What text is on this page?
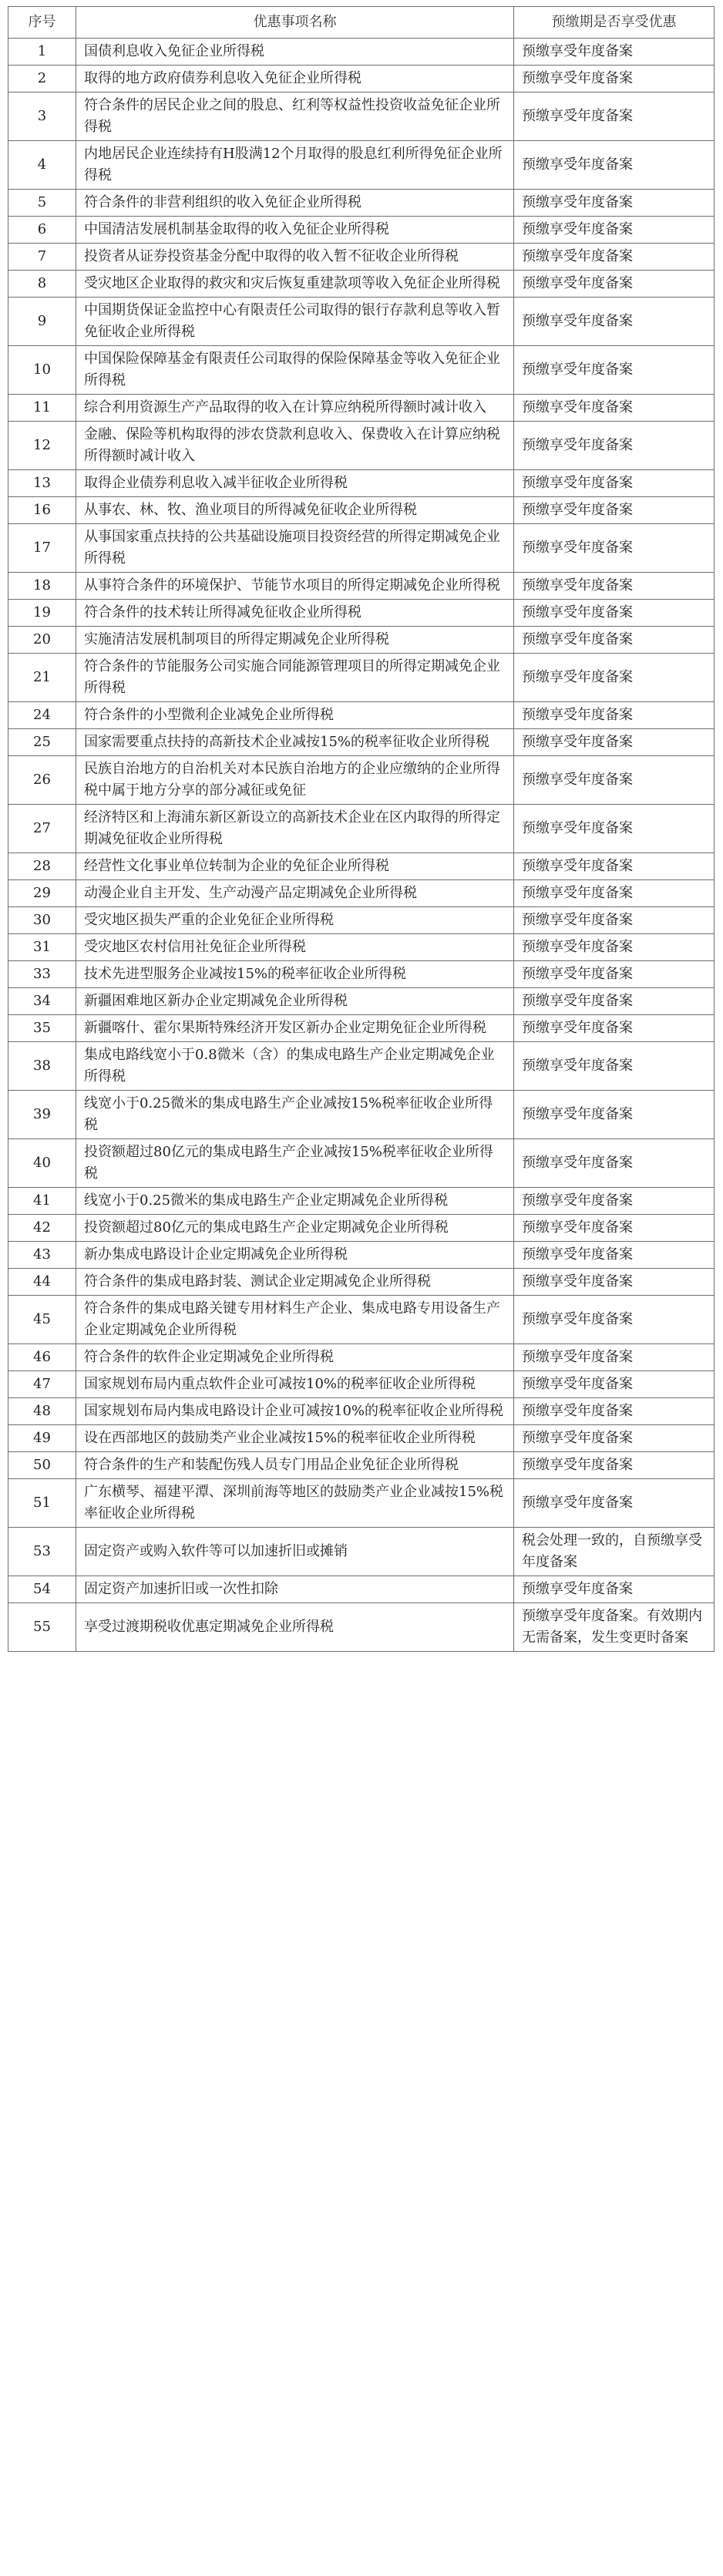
序号	优惠事项名称	预缴期是否享受优惠
1	国债利息收入免征企业所得税	预缴享受年度备案
2	取得的地方政府债券利息收入免征企业所得税	预缴享受年度备案
3	符合条件的居民企业之间的股息、红利等权益性投资收益免征企业所得税	预缴享受年度备案
4	内地居民企业连续持有H股满12个月取得的股息红利所得免征企业所得税	预缴享受年度备案
5	符合条件的非营利组织的收入免征企业所得税	预缴享受年度备案
6	中国清洁发展机制基金取得的收入免征企业所得税	预缴享受年度备案
7	投资者从证券投资基金分配中取得的收入暂不征收企业所得税	预缴享受年度备案
8	受灾地区企业取得的救灾和灾后恢复重建款项等收入免征企业所得税	预缴享受年度备案
9	中国期货保证金监控中心有限责任公司取得的银行存款利息等收入暂免征收企业所得税	预缴享受年度备案
10	中国保险保障基金有限责任公司取得的保险保障基金等收入免征企业所得税	预缴享受年度备案
11	综合利用资源生产产品取得的收入在计算应纳税所得额时减计收入	预缴享受年度备案
12	金融、保险等机构取得的涉农贷款利息收入、保费收入在计算应纳税所得额时减计收入	预缴享受年度备案
13	取得企业债券利息收入减半征收企业所得税	预缴享受年度备案
16	从事农、林、牧、渔业项目的所得减免征收企业所得税	预缴享受年度备案
17	从事国家重点扶持的公共基础设施项目投资经营的所得定期减免企业所得税	预缴享受年度备案
18	从事符合条件的环境保护、节能节水项目的所得定期减免企业所得税	预缴享受年度备案
19	符合条件的技术转让所得减免征收企业所得税	预缴享受年度备案
20	实施清洁发展机制项目的所得定期减免企业所得税	预缴享受年度备案
21	符合条件的节能服务公司实施合同能源管理项目的所得定期减免企业所得税	预缴享受年度备案
24	符合条件的小型微利企业减免企业所得税	预缴享受年度备案
25	国家需要重点扶持的高新技术企业减按15%的税率征收企业所得税	预缴享受年度备案
26	民族自治地方的自治机关对本民族自治地方的企业应缴纳的企业所得税中属于地方分享的部分减征或免征	预缴享受年度备案
27	经济特区和上海浦东新区新设立的高新技术企业在区内取得的所得定期减免征收企业所得税	预缴享受年度备案
28	经营性文化事业单位转制为企业的免征企业所得税	预缴享受年度备案
29	动漫企业自主开发、生产动漫产品定期减免企业所得税	预缴享受年度备案
30	受灾地区损失严重的企业免征企业所得税	预缴享受年度备案
31	受灾地区农村信用社免征企业所得税	预缴享受年度备案
33	技术先进型服务企业减按15%的税率征收企业所得税	预缴享受年度备案
34	新疆困难地区新办企业定期减免企业所得税	预缴享受年度备案
35	新疆喀什、霍尔果斯特殊经济开发区新办企业定期免征企业所得税	预缴享受年度备案
38	集成电路线宽小于0.8微米（含）的集成电路生产企业定期减免企业所得税	预缴享受年度备案
39	线宽小于0.25微米的集成电路生产企业减按15%税率征收企业所得税	预缴享受年度备案
40	投资额超过80亿元的集成电路生产企业减按15%税率征收企业所得税	预缴享受年度备案
41	线宽小于0.25微米的集成电路生产企业定期减免企业所得税	预缴享受年度备案
42	投资额超过80亿元的集成电路生产企业定期减免企业所得税	预缴享受年度备案
43	新办集成电路设计企业定期减免企业所得税	预缴享受年度备案
44	符合条件的集成电路封装、测试企业定期减免企业所得税	预缴享受年度备案
45	符合条件的集成电路关键专用材料生产企业、集成电路专用设备生产企业定期减免企业所得税	预缴享受年度备案
46	符合条件的软件企业定期减免企业所得税	预缴享受年度备案
47	国家规划布局内重点软件企业可减按10%的税率征收企业所得税	预缴享受年度备案
48	国家规划布局内集成电路设计企业可减按10%的税率征收企业所得税	预缴享受年度备案
49	设在西部地区的鼓励类产业企业减按15%的税率征收企业所得税	预缴享受年度备案
50	符合条件的生产和装配伤残人员专门用品企业免征企业所得税	预缴享受年度备案
51	广东横琴、福建平潭、深圳前海等地区的鼓励类产业企业减按15%税率征收企业所得税	预缴享受年度备案
53	固定资产或购入软件等可以加速折旧或摊销	税会处理一致的，自预缴享受年度备案
54	固定资产加速折旧或一次性扣除	预缴享受年度备案
55	享受过渡期税收优惠定期减免企业所得税	预缴享受年度备案。有效期内无需备案，发生变更时备案
